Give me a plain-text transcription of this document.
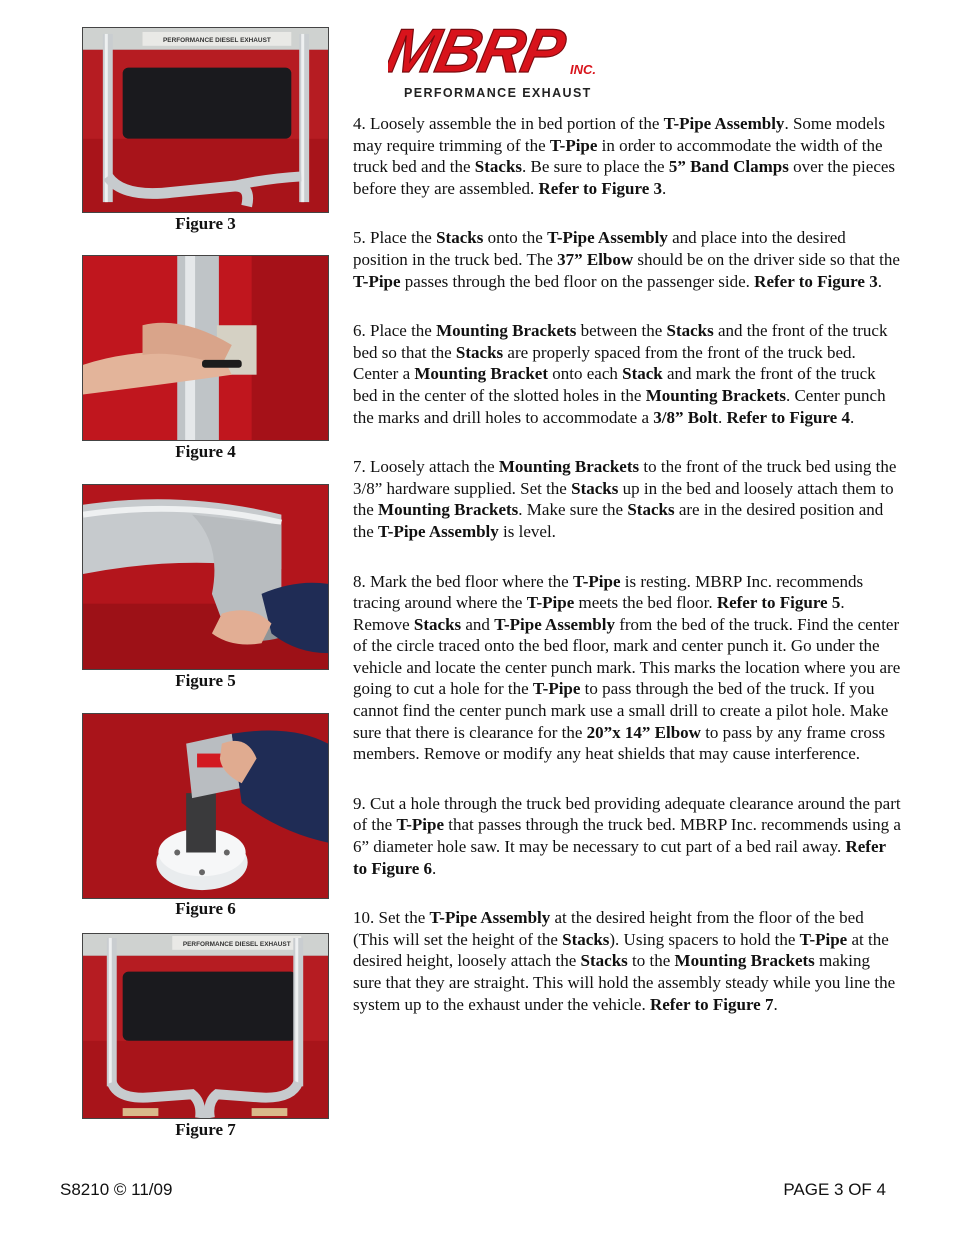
MBRP INC.
PERFORMANCE EXHAUST
PERFORMANCE DIESEL EXHAUST
Figure 3
Figure 4
Figure 5
Figure 6
PERFORMANCE DIESEL EXHAUST
Figure 7

4. Loosely assemble the in bed portion of the T-Pipe Assembly. Some models may require trimming of the T-Pipe in order to accommodate the width of the truck bed and the Stacks. Be sure to place the 5” Band Clamps over the pieces before they are assembled. Refer to Figure 3.

5. Place the Stacks onto the T-Pipe Assembly and place into the desired position in the truck bed. The 37” Elbow should be on the driver side so that the T-Pipe passes through the bed floor on the passenger side. Refer to Figure 3.

6. Place the Mounting Brackets between the Stacks and the front of the truck bed so that the Stacks are properly spaced from the front of the truck bed. Center a Mounting Bracket onto each Stack and mark the front of the truck bed in the center of the slotted holes in the Mounting Brackets. Center punch the marks and drill holes to accommodate a 3/8” Bolt. Refer to Figure 4.

7. Loosely attach the Mounting Brackets to the front of the truck bed using the 3/8” hardware supplied. Set the Stacks up in the bed and loosely attach them to the Mounting Brackets. Make sure the Stacks are in the desired position and the T-Pipe Assembly is level.

8. Mark the bed floor where the T-Pipe is resting. MBRP Inc. recommends tracing around where the T-Pipe meets the bed floor. Refer to Figure 5. Remove Stacks and T-Pipe Assembly from the bed of the truck. Find the center of the circle traced onto the bed floor, mark and center punch it. Go under the vehicle and locate the center punch mark. This marks the location where you are going to cut a hole for the T-Pipe to pass through the bed of the truck. If you cannot find the center punch mark use a small drill to create a pilot hole. Make sure that there is clearance for the 20”x 14” Elbow to pass by any frame cross members. Remove or modify any heat shields that may cause interference.

9. Cut a hole through the truck bed providing adequate clearance around the part of the T-Pipe that passes through the truck bed. MBRP Inc. recommends using a 6” diameter hole saw. It may be necessary to cut part of a bed rail away. Refer to Figure 6.

10. Set the T-Pipe Assembly at the desired height from the floor of the bed (This will set the height of the Stacks). Using spacers to hold the T-Pipe at the desired height, loosely attach the Stacks to the Mounting Brackets making sure that they are straight. This will hold the assembly steady while you line the system up to the exhaust under the vehicle. Refer to Figure 7.

S8210 © 11/09	PAGE 3 OF 4
